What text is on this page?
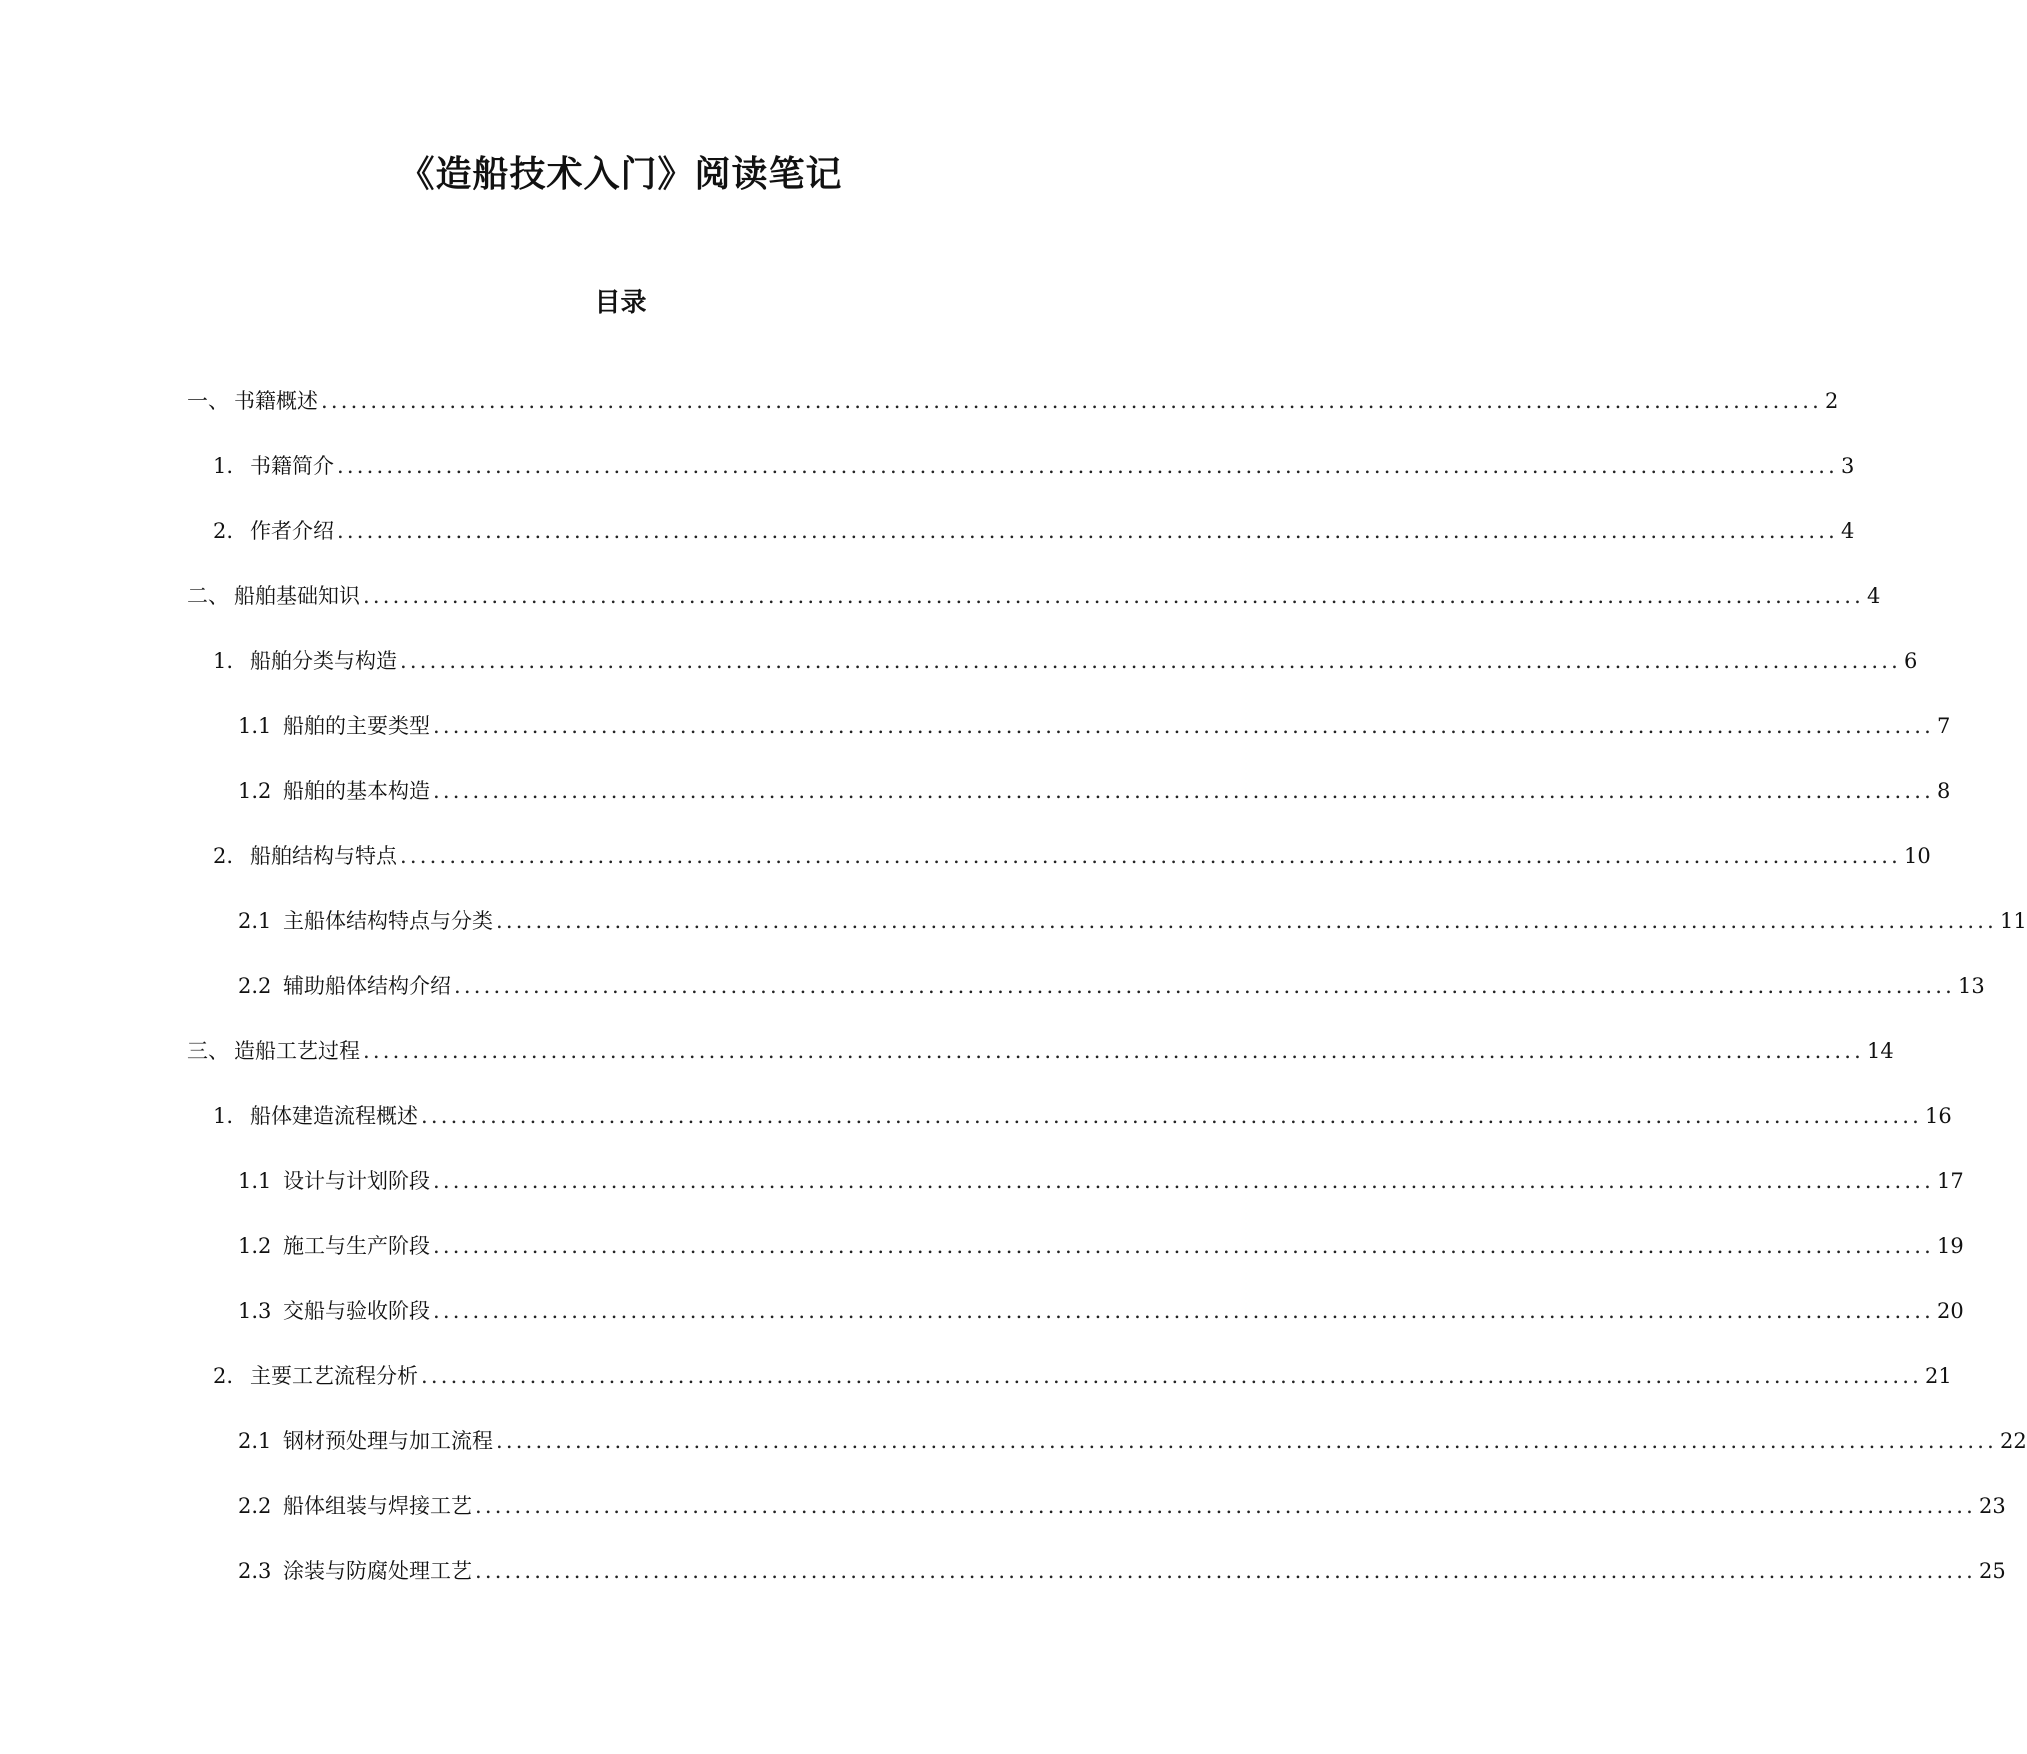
《造船技术入门》阅读笔记
目录
一、 书籍概述 ........................................................................................................................................................ 2
1. 书籍简介 ........................................................................................................................................................ 3
2. 作者介绍 ........................................................................................................................................................ 4
二、 船舶基础知识 ........................................................................................................................................................ 4
1. 船舶分类与构造 ........................................................................................................................................................ 6
1.1 船舶的主要类型 ........................................................................................................................................................ 7
1.2 船舶的基本构造 ........................................................................................................................................................ 8
2. 船舶结构与特点 ........................................................................................................................................................ 10
2.1 主船体结构特点与分类 ........................................................................................................................................................ 11
2.2 辅助船体结构介绍 ........................................................................................................................................................ 13
三、 造船工艺过程 ........................................................................................................................................................ 14
1. 船体建造流程概述 ........................................................................................................................................................ 16
1.1 设计与计划阶段 ........................................................................................................................................................ 17
1.2 施工与生产阶段 ........................................................................................................................................................ 19
1.3 交船与验收阶段 ........................................................................................................................................................ 20
2. 主要工艺流程分析 ........................................................................................................................................................ 21
2.1 钢材预处理与加工流程 ........................................................................................................................................................ 22
2.2 船体组装与焊接工艺 ........................................................................................................................................................ 23
2.3 涂装与防腐处理工艺 ........................................................................................................................................................ 25
